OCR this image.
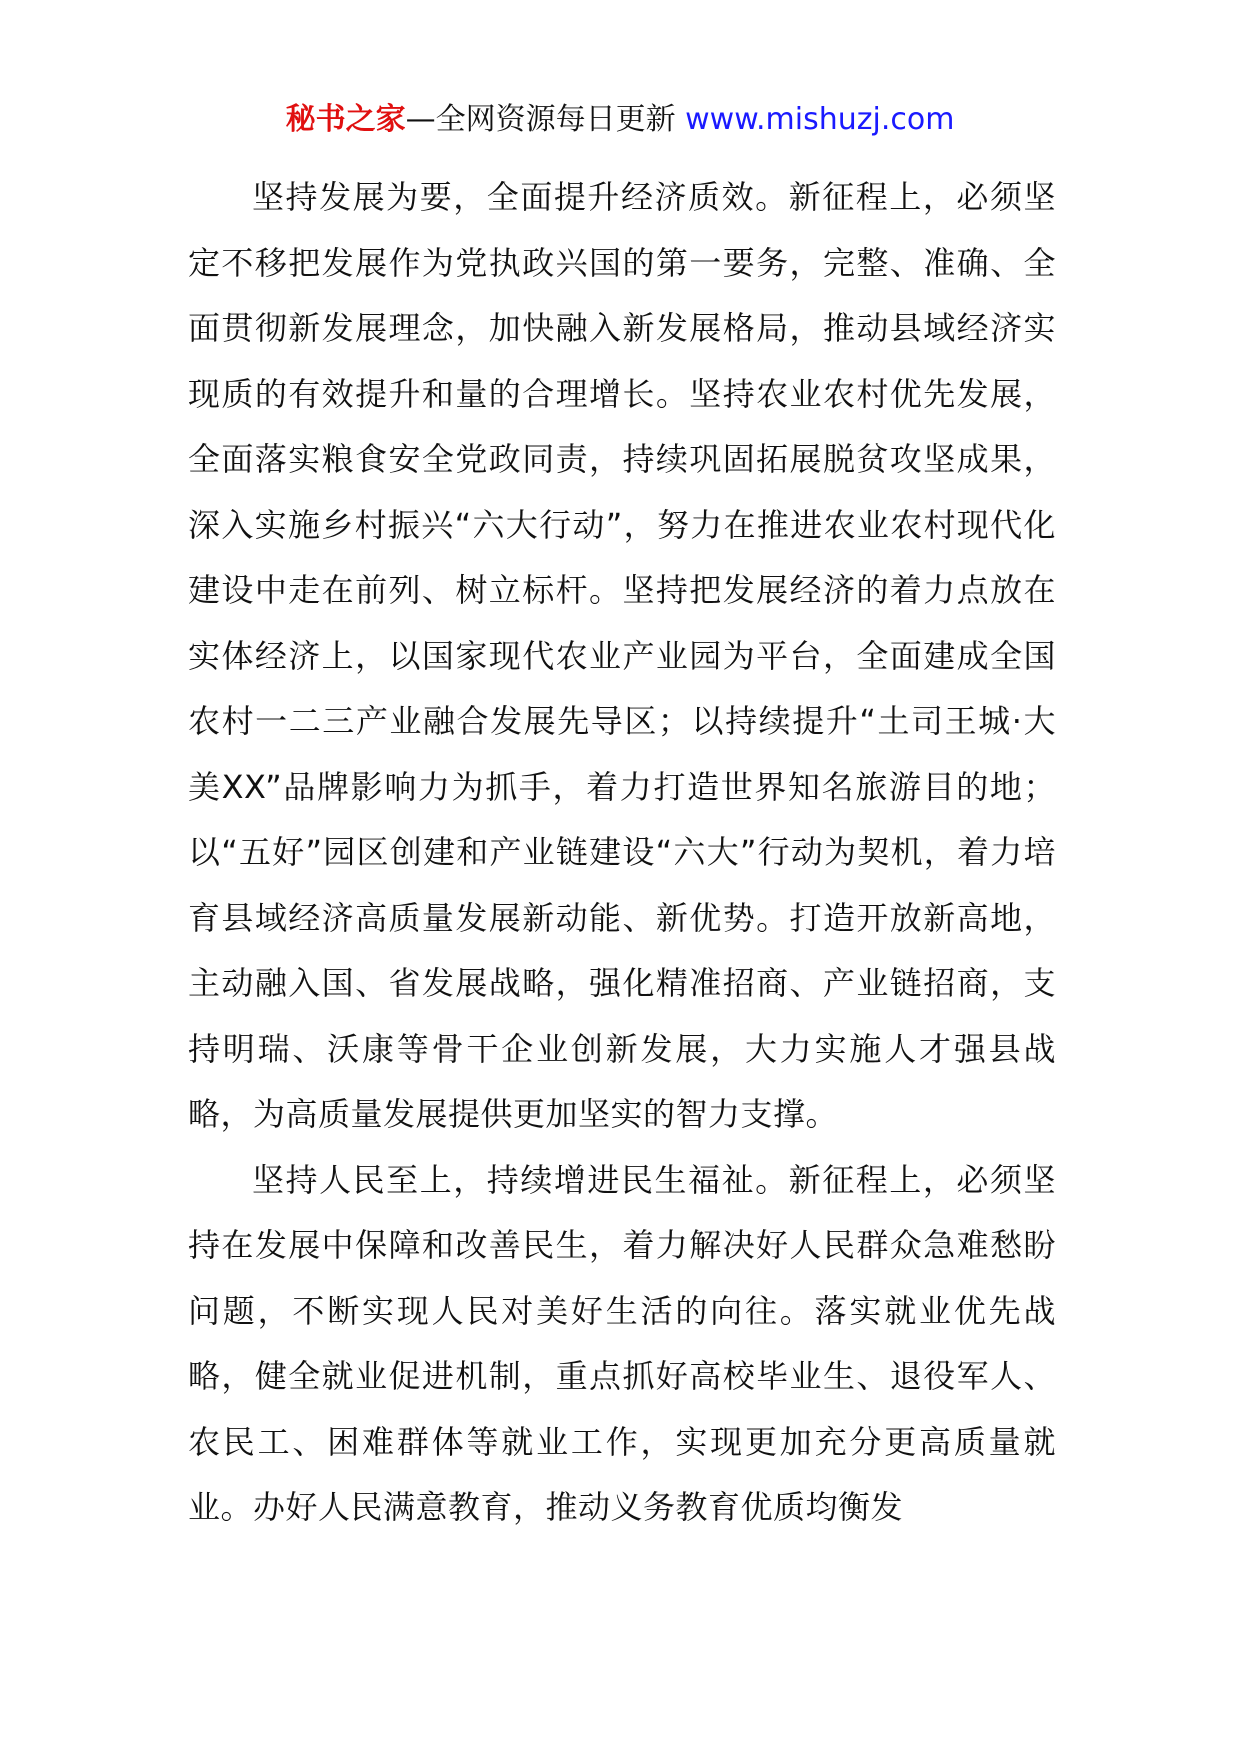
秘书之家—全网资源每日更新 www.mishuzj.com

坚持发展为要，全面提升经济质效。新征程上，必须坚定不移把发展作为党执政兴国的第一要务，完整、准确、全面贯彻新发展理念，加快融入新发展格局，推动县域经济实现质的有效提升和量的合理增长。坚持农业农村优先发展，全面落实粮食安全党政同责，持续巩固拓展脱贫攻坚成果，深入实施乡村振兴“六大行动”，努力在推进农业农村现代化建设中走在前列、树立标杆。坚持把发展经济的着力点放在实体经济上，以国家现代农业产业园为平台，全面建成全国农村一二三产业融合发展先导区；以持续提升“土司王城·大美XX”品牌影响力为抓手，着力打造世界知名旅游目的地；以“五好”园区创建和产业链建设“六大”行动为契机，着力培育县域经济高质量发展新动能、新优势。打造开放新高地，主动融入国、省发展战略，强化精准招商、产业链招商，支持明瑞、沃康等骨干企业创新发展，大力实施人才强县战略，为高质量发展提供更加坚实的智力支撑。

坚持人民至上，持续增进民生福祉。新征程上，必须坚持在发展中保障和改善民生，着力解决好人民群众急难愁盼问题，不断实现人民对美好生活的向往。落实就业优先战略，健全就业促进机制，重点抓好高校毕业生、退役军人、农民工、困难群体等就业工作，实现更加充分更高质量就业。办好人民满意教育，推动义务教育优质均衡发
